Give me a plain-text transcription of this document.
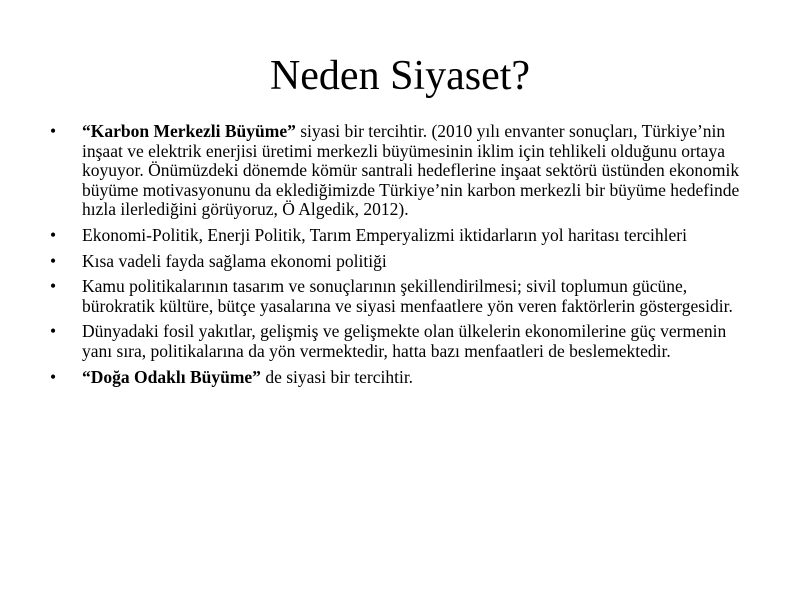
Neden Siyaset?
•	“Karbon Merkezli Büyüme” siyasi bir tercihtir. (2010 yılı envanter sonuçları, Türkiye’nin inşaat ve elektrik enerjisi üretimi merkezli büyümesinin iklim için tehlikeli olduğunu ortaya koyuyor. Önümüzdeki dönemde kömür santrali hedeflerine inşaat sektörü üstünden ekonomik büyüme motivasyonunu da eklediğimizde Türkiye’nin karbon merkezli bir büyüme hedefinde hızla ilerlediğini görüyoruz, Ö Algedik, 2012).
•	Ekonomi-Politik, Enerji Politik, Tarım Emperyalizmi iktidarların yol haritası tercihleri
•	Kısa vadeli fayda sağlama ekonomi politiği
•	Kamu politikalarının tasarım ve sonuçlarının şekillendirilmesi; sivil toplumun gücüne, bürokratik kültüre, bütçe yasalarına ve siyasi menfaatlere yön veren faktörlerin göstergesidir.
•	Dünyadaki fosil yakıtlar, gelişmiş ve gelişmekte olan ülkelerin ekonomilerine güç vermenin yanı sıra, politikalarına da yön vermektedir, hatta bazı menfaatleri de beslemektedir.
•	“Doğa Odaklı Büyüme” de siyasi bir tercihtir.
